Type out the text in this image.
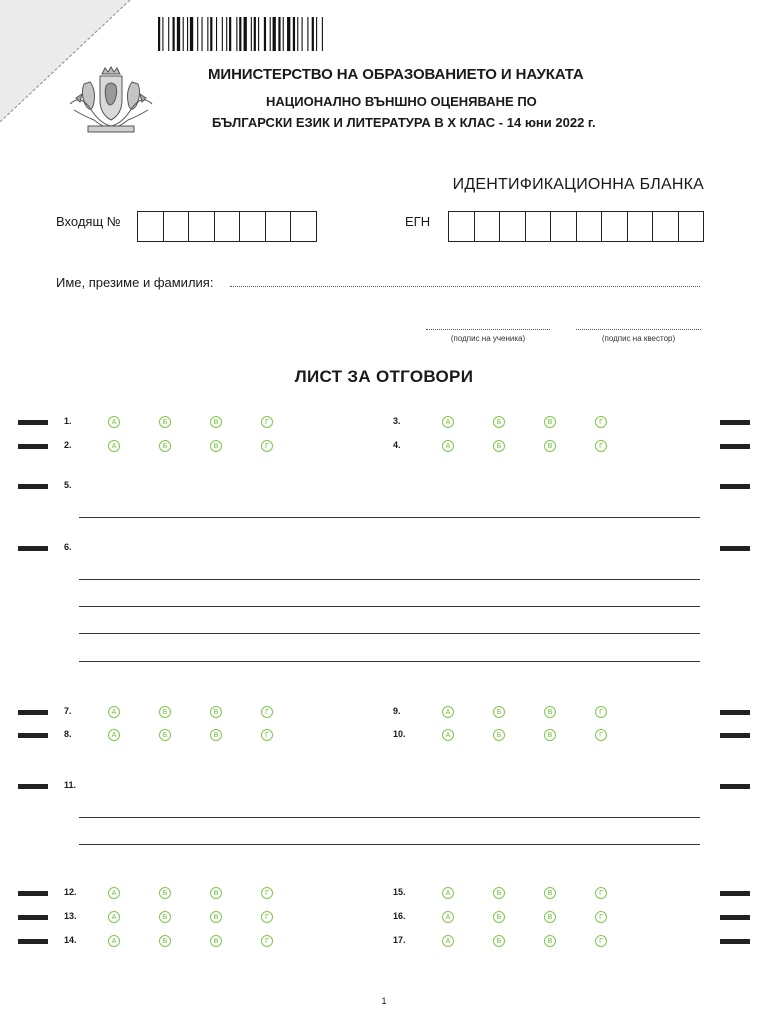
МИНИСТЕРСТВО НА ОБРАЗОВАНИЕТО И НАУКАТА
НАЦИОНАЛНО ВЪНШНО ОЦЕНЯВАНЕ ПО
БЪЛГАРСКИ ЕЗИК И ЛИТЕРАТУРА В Х КЛАС - 14 юни 2022 г.
ИДЕНТИФИКАЦИОННА БЛАНКА
Входящ №	ЕГН
Име, презиме и фамилия:
(подпис на ученика)	(подпис на квестор)
ЛИСТ ЗА ОТГОВОРИ
1.	А	Б	В	Г	3.	А	Б	В	Г
2.	А	Б	В	Г	4.	А	Б	В	Г
7.	А	Б	В	Г	9.	А	Б	В	Г
8.	А	Б	В	Г	10.	А	Б	В	Г
12.	А	Б	В	Г	15.	А	Б	В	Г
13.	А	Б	В	Г	16.	А	Б	В	Г
14.	А	Б	В	Г	17.	А	Б	В	Г
5.
6.
11.
1
